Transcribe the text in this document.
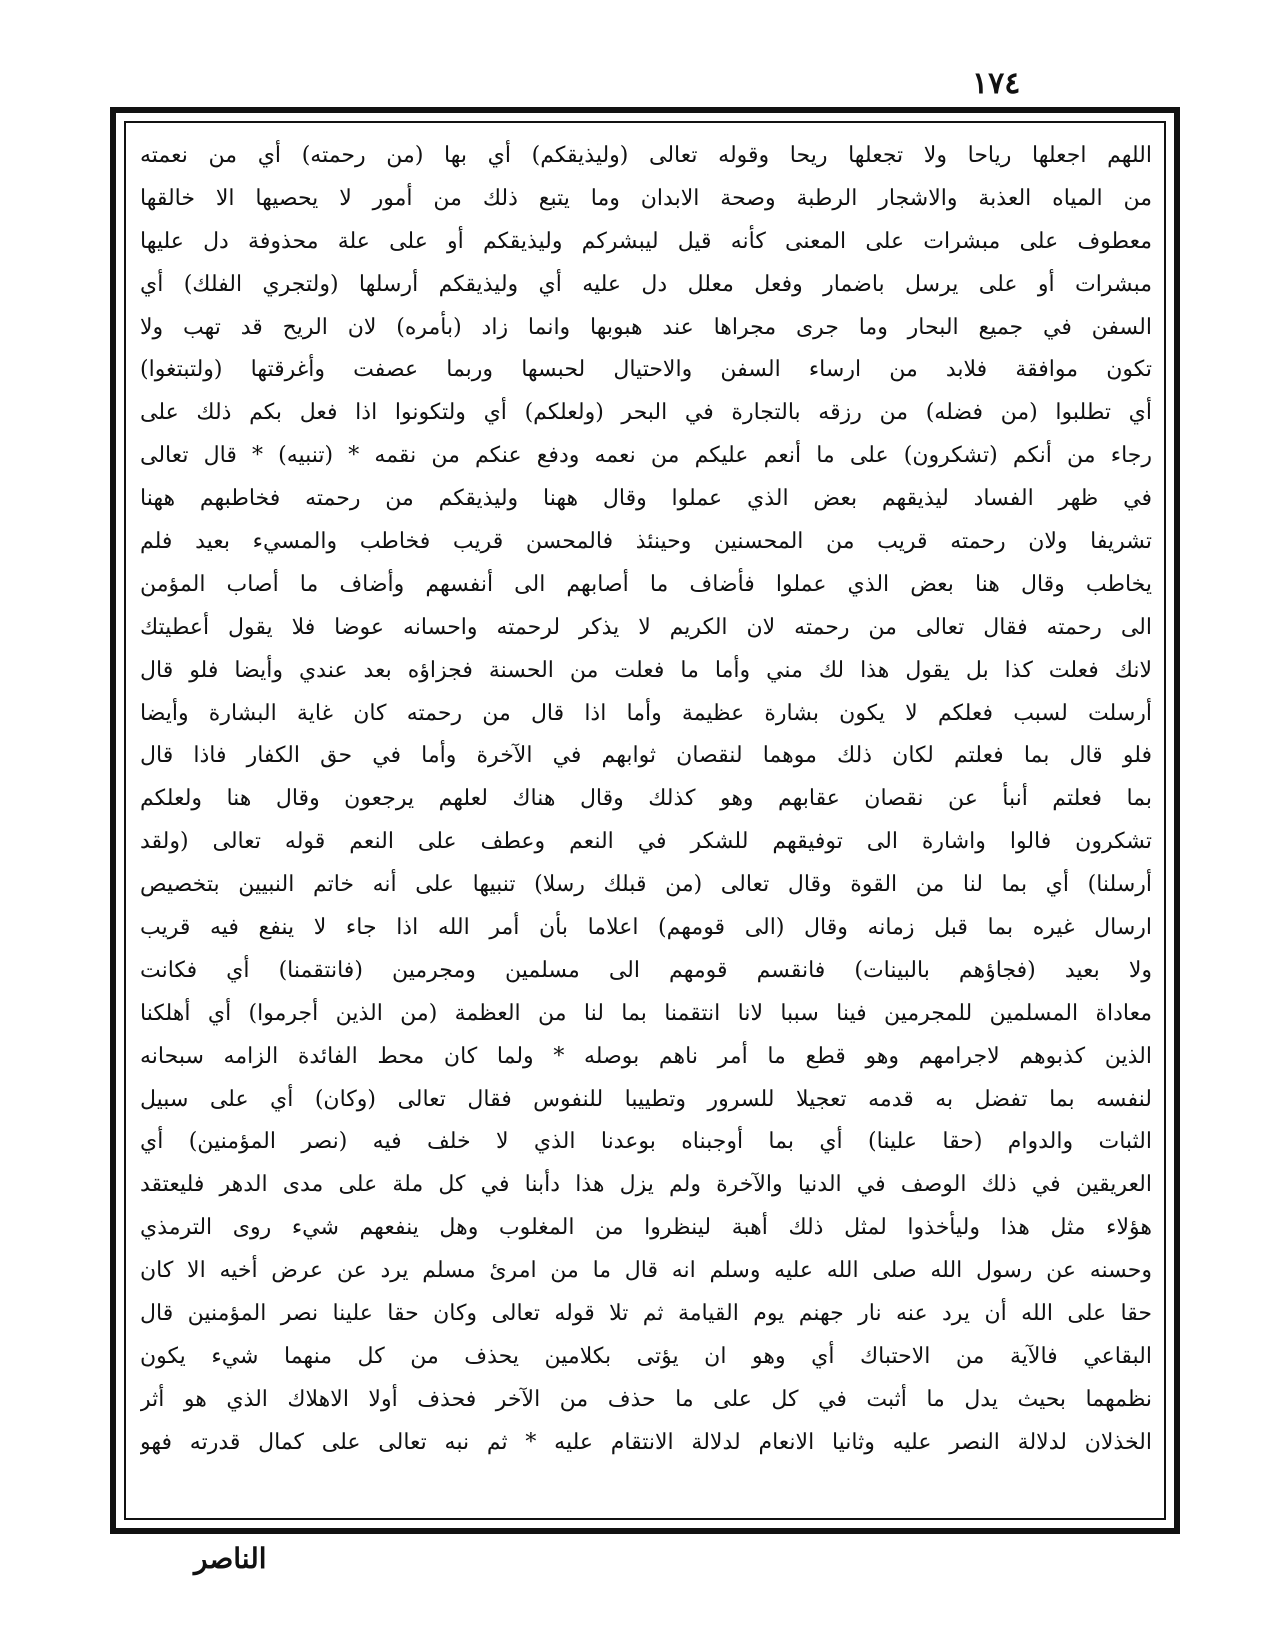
١٧٤
اللهم اجعلها رياحا ولا تجعلها ريحا وقوله تعالى (وليذيقكم) أي بها (من رحمته) أي من نعمته
من المياه العذبة والاشجار الرطبة وصحة الابدان وما يتبع ذلك من أمور لا يحصيها الا خالقها
معطوف على مبشرات على المعنى كأنه قيل ليبشركم وليذيقكم أو على علة محذوفة دل عليها
مبشرات أو على يرسل باضمار وفعل معلل دل عليه أي وليذيقكم أرسلها (ولتجري الفلك) أي
السفن في جميع البحار وما جرى مجراها عند هبوبها وانما زاد (بأمره) لان الريح قد تهب ولا
تكون موافقة فلابد من ارساء السفن والاحتيال لحبسها وربما عصفت وأغرقتها (ولتبتغوا)
أي تطلبوا (من فضله) من رزقه بالتجارة في البحر (ولعلكم) أي ولتكونوا اذا فعل بكم ذلك على
رجاء من أنكم (تشكرون) على ما أنعم عليكم من نعمه ودفع عنكم من نقمه * (تنبيه) * قال تعالى
في ظهر الفساد ليذيقهم بعض الذي عملوا وقال ههنا وليذيقكم من رحمته فخاطبهم ههنا
تشريفا ولان رحمته قريب من المحسنين وحينئذ فالمحسن قريب فخاطب والمسيء بعيد فلم
يخاطب وقال هنا بعض الذي عملوا فأضاف ما أصابهم الى أنفسهم وأضاف ما أصاب المؤمن
الى رحمته فقال تعالى من رحمته لان الكريم لا يذكر لرحمته واحسانه عوضا فلا يقول أعطيتك
لانك فعلت كذا بل يقول هذا لك مني وأما ما فعلت من الحسنة فجزاؤه بعد عندي وأيضا فلو قال
أرسلت لسبب فعلكم لا يكون بشارة عظيمة وأما اذا قال من رحمته كان غاية البشارة وأيضا
فلو قال بما فعلتم لكان ذلك موهما لنقصان ثوابهم في الآخرة وأما في حق الكفار فاذا قال
بما فعلتم أنبأ عن نقصان عقابهم وهو كذلك وقال هناك لعلهم يرجعون وقال هنا ولعلكم
تشكرون فالوا واشارة الى توفيقهم للشكر في النعم وعطف على النعم قوله تعالى (ولقد
أرسلنا) أي بما لنا من القوة وقال تعالى (من قبلك رسلا) تنبيها على أنه خاتم النبيين بتخصيص
ارسال غيره بما قبل زمانه وقال (الى قومهم) اعلاما بأن أمر الله اذا جاء لا ينفع فيه قريب
ولا بعيد (فجاؤهم بالبينات) فانقسم قومهم الى مسلمين ومجرمين (فانتقمنا) أي فكانت
معاداة المسلمين للمجرمين فينا سببا لانا انتقمنا بما لنا من العظمة (من الذين أجرموا) أي أهلكنا
الذين كذبوهم لاجرامهم وهو قطع ما أمر ناهم بوصله * ولما كان محط الفائدة الزامه سبحانه
لنفسه بما تفضل به قدمه تعجيلا للسرور وتطييبا للنفوس فقال تعالى (وكان) أي على سبيل
الثبات والدوام (حقا علينا) أي بما أوجبناه بوعدنا الذي لا خلف فيه (نصر المؤمنين) أي
العريقين في ذلك الوصف في الدنيا والآخرة ولم يزل هذا دأبنا في كل ملة على مدى الدهر فليعتقد
هؤلاء مثل هذا وليأخذوا لمثل ذلك أهبة لينظروا من المغلوب وهل ينفعهم شيء روى الترمذي
وحسنه عن رسول الله صلى الله عليه وسلم انه قال ما من امرئ مسلم يرد عن عرض أخيه الا كان
حقا على الله أن يرد عنه نار جهنم يوم القيامة ثم تلا قوله تعالى وكان حقا علينا نصر المؤمنين قال
البقاعي فالآية من الاحتباك أي وهو ان يؤتى بكلامين يحذف من كل منهما شيء يكون
نظمهما بحيث يدل ما أثبت في كل على ما حذف من الآخر فحذف أولا الاهلاك الذي هو أثر
الخذلان لدلالة النصر عليه وثانيا الانعام لدلالة الانتقام عليه * ثم نبه تعالى على كمال قدرته فهو
الناصر
